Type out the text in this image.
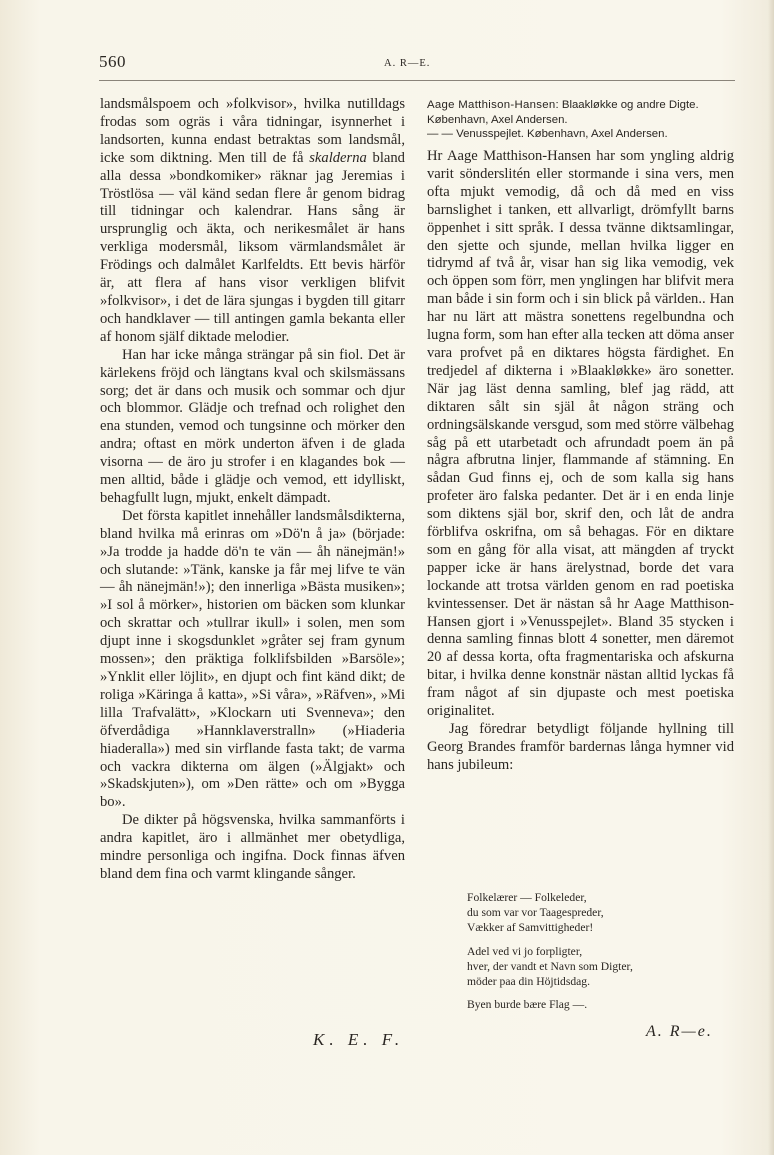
560	A. R—E.

landsmålspoem och »folkvisor», hvilka nutilldags frodas som ogräs i våra tidningar, isynnerhet i landsorten, kunna endast betraktas som landsmål, icke som diktning. Men till de få skalderna bland alla dessa »bondkomiker» räknar jag Jeremias i Tröstlösa — väl känd sedan flere år genom bidrag till tidningar och kalendrar. Hans sång är ursprunglig och äkta, och nerikesmålet är hans verkliga modersmål, liksom värmlandsmålet är Frödings och dalmålet Karlfeldts. Ett bevis härför är, att flera af hans visor verkligen blifvit »folkvisor», i det de lära sjungas i bygden till gitarr och handklaver — till antingen gamla bekanta eller af honom själf diktade melodier.

Han har icke många strängar på sin fiol. Det är kärlekens fröjd och längtans kval och skilsmässans sorg; det är dans och musik och sommar och djur och blommor. Glädje och trefnad och rolighet den ena stunden, vemod och tungsinne och mörker den andra; oftast en mörk underton äfven i de glada visorna — de äro ju strofer i en klagandes bok — men alltid, både i glädje och vemod, ett idylliskt, behagfullt lugn, mjukt, enkelt dämpadt.

Det första kapitlet innehåller landsmålsdikterna, bland hvilka må erinras om »Dö'n å ja» (började: »Ja trodde ja hadde dö'n te vän — åh nänejmän!» och slutande: »Tänk, kanske ja får mej lifve te vän — åh nänejmän!»); den innerliga »Bästa musiken»; »I sol å mörker», historien om bäcken som klunkar och skrattar och »tullrar ikull» i solen, men som djupt inne i skogsdunklet »gråter sej fram gynum mossen»; den präktiga folklifsbilden »Barsöle»; »Ynklit eller löjlit», en djupt och fint känd dikt; de roliga »Käringa å katta», »Si våra», »Räfven», »Mi lilla Trafvalätt», »Klockarn uti Svenneva»; den öfverdådiga »Hannklaverstralln» (»Hiaderia hiaderalla») med sin virflande fasta takt; de varma och vackra dikterna om älgen (»Älgjakt» och »Skadskjuten»), om »Den rätte» och om »Bygga bo».

De dikter på högsvenska, hvilka sammanförts i andra kapitlet, äro i allmänhet mer obetydliga, mindre personliga och ingifna. Dock finnas äfven bland dem fina och varmt klingande sånger.

K. E. F.

Aage Matthison-Hansen: Blaakløkke og andre Digte. København, Axel Andersen.

— — Venusspejlet. København, Axel Andersen.

Hr Aage Matthison-Hansen har som yngling aldrig varit sönderslitén eller stormande i sina vers, men ofta mjukt vemodig, då och då med en viss barnslighet i tanken, ett allvarligt, drömfyllt barns öppenhet i sitt språk. I dessa tvänne diktsamlingar, den sjette och sjunde, mellan hvilka ligger en tidrymd af två år, visar han sig lika vemodig, vek och öppen som förr, men ynglingen har blifvit mera man både i sin form och i sin blick på världen.. Han har nu lärt att mästra sonettens regelbundna och lugna form, som han efter alla tecken att döma anser vara profvet på en diktares högsta färdighet. En tredjedel af dikterna i »Blaakløkke» äro sonetter. När jag läst denna samling, blef jag rädd, att diktaren sålt sin själ åt någon sträng och ordningsälskande versgud, som med större välbehag såg på ett utarbetadt och afrundadt poem än på några afbrutna linjer, flammande af stämning. En sådan Gud finns ej, och de som kalla sig hans profeter äro falska pedanter. Det är i en enda linje som diktens själ bor, skrif den, och låt de andra förblifva oskrifna, om så behagas. För en diktare som en gång för alla visat, att mängden af tryckt papper icke är hans ärelystnad, borde det vara lockande att trotsa världen genom en rad poetiska kvintessenser. Det är nästan så hr Aage Matthison-Hansen gjort i »Venusspejlet». Bland 35 stycken i denna samling finnas blott 4 sonetter, men däremot 20 af dessa korta, ofta fragmentariska och afskurna bitar, i hvilka denne konstnär nästan alltid lyckas få fram något af sin djupaste och mest poetiska originalitet.

Jag föredrar betydligt följande hyllning till Georg Brandes framför bardernas långa hymner vid hans jubileum:

Folkelærer — Folkeleder,
du som var vor Taagespreder,
Vækker af Samvittigheder!
Adel ved vi jo forpligter,
hver, der vandt et Navn som Digter,
möder paa din Höjtidsdag.
Byen burde bære Flag —.
A. R—e.
